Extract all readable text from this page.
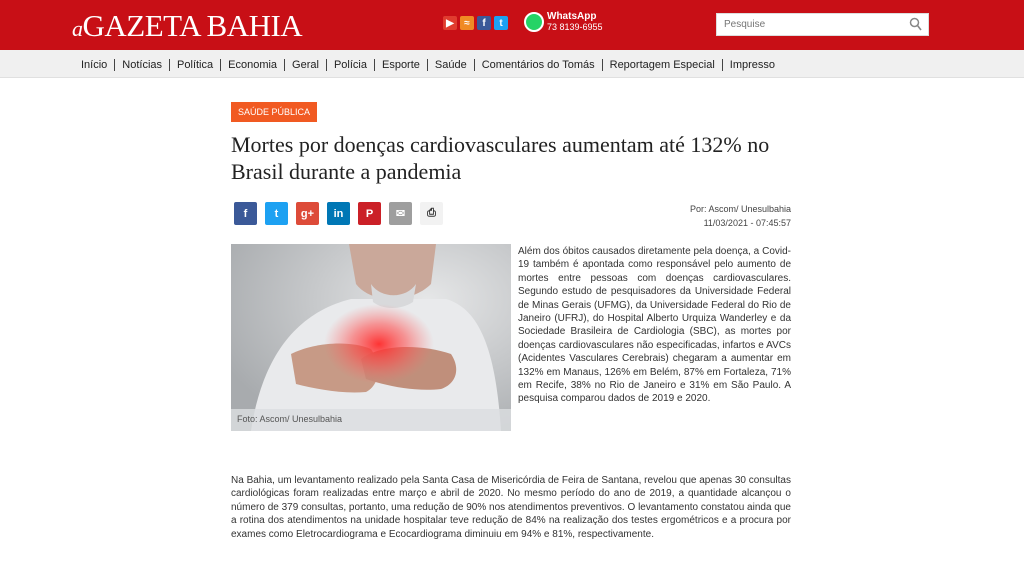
aGAZETA BAHIA	▶	≈	f	t
WhatsApp
73 8139-6955
Pesquise
Início	Notícias	Política	Economia	Geral	Polícia	Esporte	Saúde	Comentários do Tomás	Reportagem Especial	Impresso
SAÚDE PÚBLICA
Mortes por doenças cardiovasculares aumentam até 132% no Brasil durante a pandemia
f	t	g+	in	P	✉	⎙	Por: Ascom/ Unesulbahia
11/03/2021 - 07:45:57
Foto: Ascom/ Unesulbahia

Além dos óbitos causados diretamente pela doença, a Covid-19 também é apontada como responsável pelo aumento de mortes entre pessoas com doenças cardiovasculares. Segundo estudo de pesquisadores da Universidade Federal de Minas Gerais (UFMG), da Universidade Federal do Rio de Janeiro (UFRJ), do Hospital Alberto Urquiza Wanderley e da Sociedade Brasileira de Cardiologia (SBC), as mortes por doenças cardiovasculares não especificadas, infartos e AVCs (Acidentes Vasculares Cerebrais) chegaram a aumentar em 132% em Manaus, 126% em Belém, 87% em Fortaleza, 71% em Recife, 38% no Rio de Janeiro e 31% em São Paulo. A pesquisa comparou dados de 2019 e 2020.

Na Bahia, um levantamento realizado pela Santa Casa de Misericórdia de Feira de Santana, revelou que apenas 30 consultas cardiológicas foram realizadas entre março e abril de 2020. No mesmo período do ano de 2019, a quantidade alcançou o número de 379 consultas, portanto, uma redução de 90% nos atendimentos preventivos. O levantamento constatou ainda que a rotina dos atendimentos na unidade hospitalar teve redução de 84% na realização dos testes ergométricos e a procura por exames como Eletrocardiograma e Ecocardiograma diminuiu em 94% e 81%, respectivamente.
